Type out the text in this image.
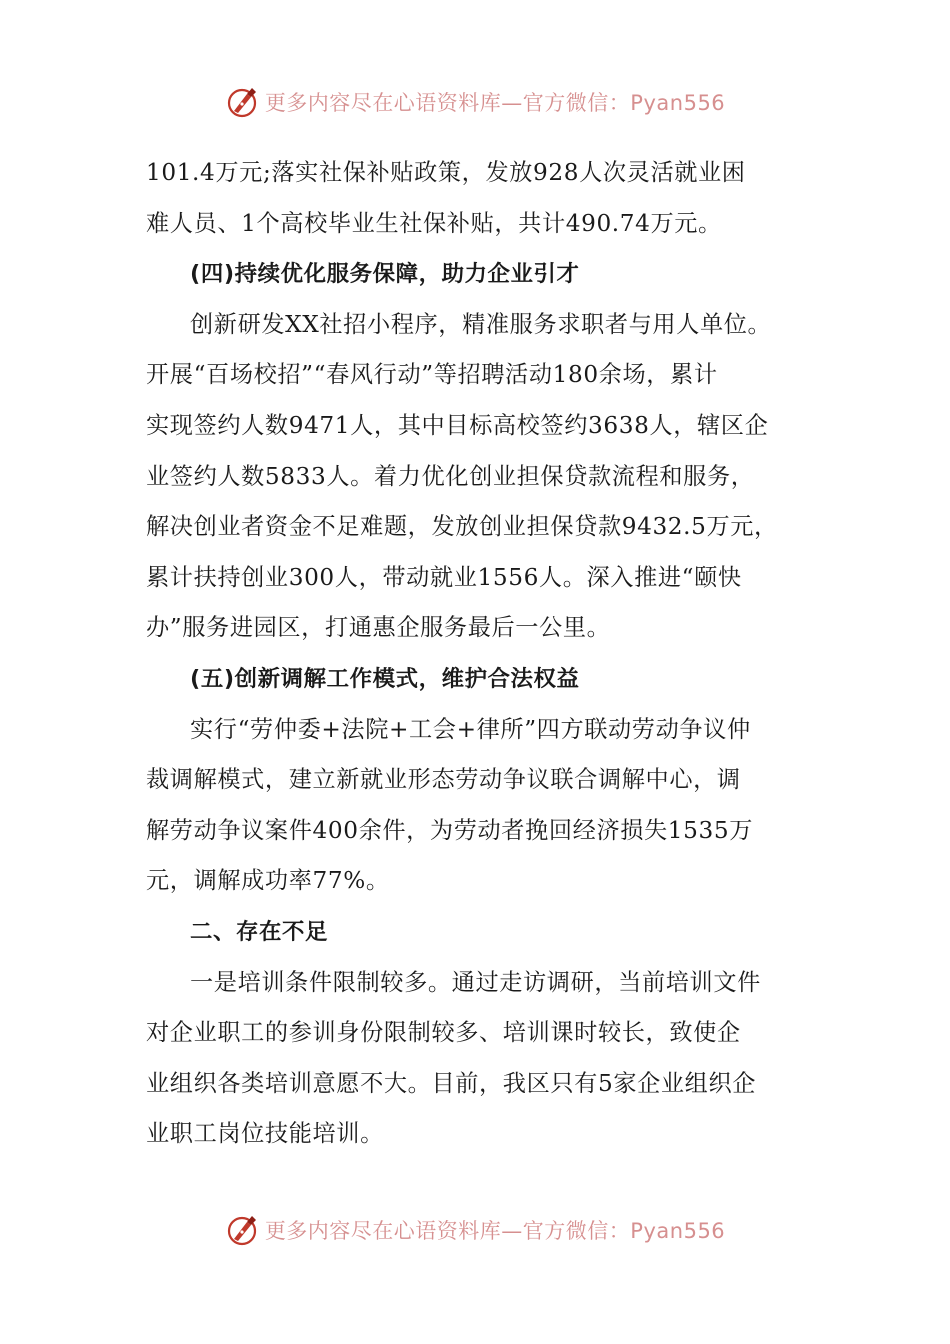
更多内容尽在心语资料库—官方微信：Pyan556
101.4万元;落实社保补贴政策，发放928人次灵活就业困
难人员、1个高校毕业生社保补贴，共计490.74万元。
(四)持续优化服务保障，助力企业引才
创新研发XX社招小程序，精准服务求职者与用人单位。
开展“百场校招”“春风行动”等招聘活动180余场，累计
实现签约人数9471人，其中目标高校签约3638人，辖区企
业签约人数5833人。着力优化创业担保贷款流程和服务，
解决创业者资金不足难题，发放创业担保贷款9432.5万元，
累计扶持创业300人，带动就业1556人。深入推进“颐快
办”服务进园区，打通惠企服务最后一公里。
(五)创新调解工作模式，维护合法权益
实行“劳仲委+法院+工会+律所”四方联动劳动争议仲
裁调解模式，建立新就业形态劳动争议联合调解中心，调
解劳动争议案件400余件，为劳动者挽回经济损失1535万
元，调解成功率77%。
二、存在不足
一是培训条件限制较多。通过走访调研，当前培训文件
对企业职工的参训身份限制较多、培训课时较长，致使企
业组织各类培训意愿不大。目前，我区只有5家企业组织企
业职工岗位技能培训。
更多内容尽在心语资料库—官方微信：Pyan556
